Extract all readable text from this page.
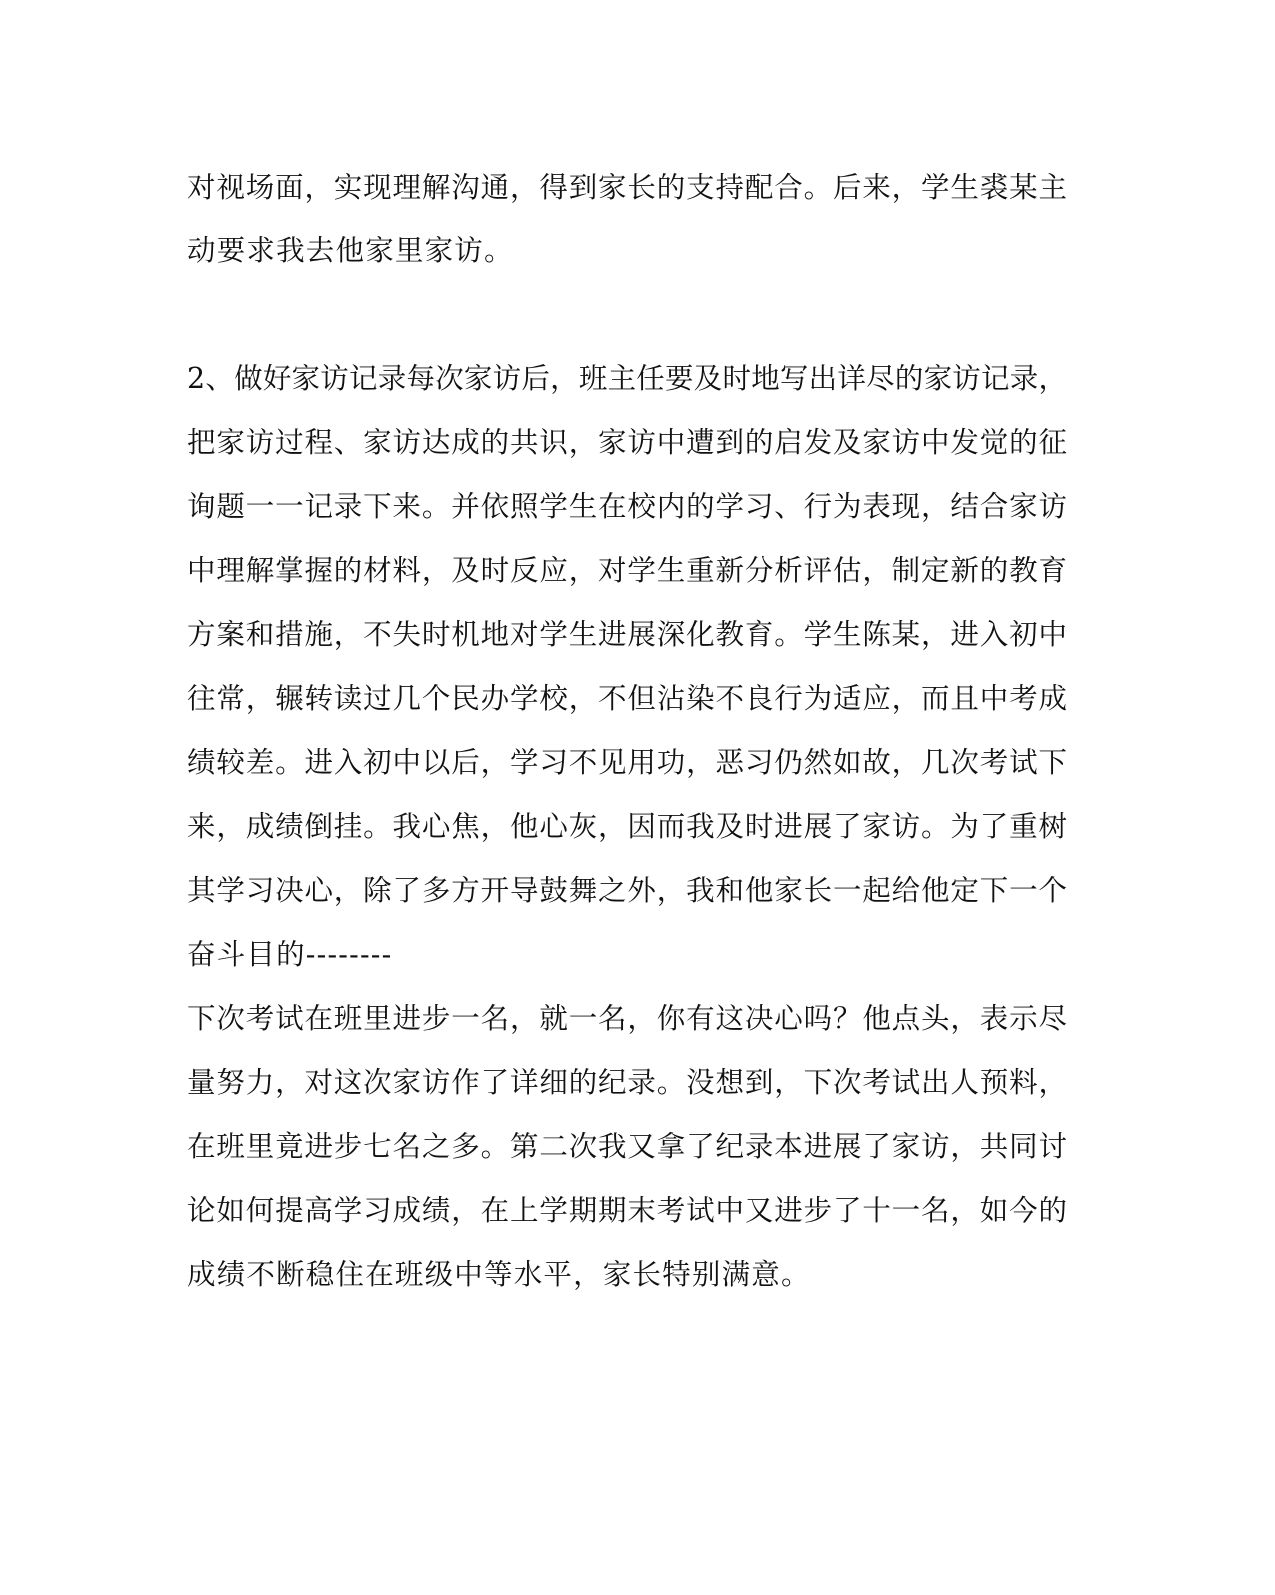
对视场面，实现理解沟通，得到家长的支持配合。后来，学生裘某主
动要求我去他家里家访。
2、做好家访记录每次家访后，班主任要及时地写出详尽的家访记录，
把家访过程、家访达成的共识，家访中遭到的启发及家访中发觉的征
询题一一记录下来。并依照学生在校内的学习、行为表现，结合家访
中理解掌握的材料，及时反应，对学生重新分析评估，制定新的教育
方案和措施，不失时机地对学生进展深化教育。学生陈某，进入初中
往常，辗转读过几个民办学校，不但沾染不良行为适应，而且中考成
绩较差。进入初中以后，学习不见用功，恶习仍然如故，几次考试下
来，成绩倒挂。我心焦，他心灰，因而我及时进展了家访。为了重树
其学习决心，除了多方开导鼓舞之外，我和他家长一起给他定下一个
奋斗目的--------
下次考试在班里进步一名，就一名，你有这决心吗？他点头，表示尽
量努力，对这次家访作了详细的纪录。没想到，下次考试出人预料，
在班里竟进步七名之多。第二次我又拿了纪录本进展了家访，共同讨
论如何提高学习成绩，在上学期期末考试中又进步了十一名，如今的
成绩不断稳住在班级中等水平，家长特别满意。
